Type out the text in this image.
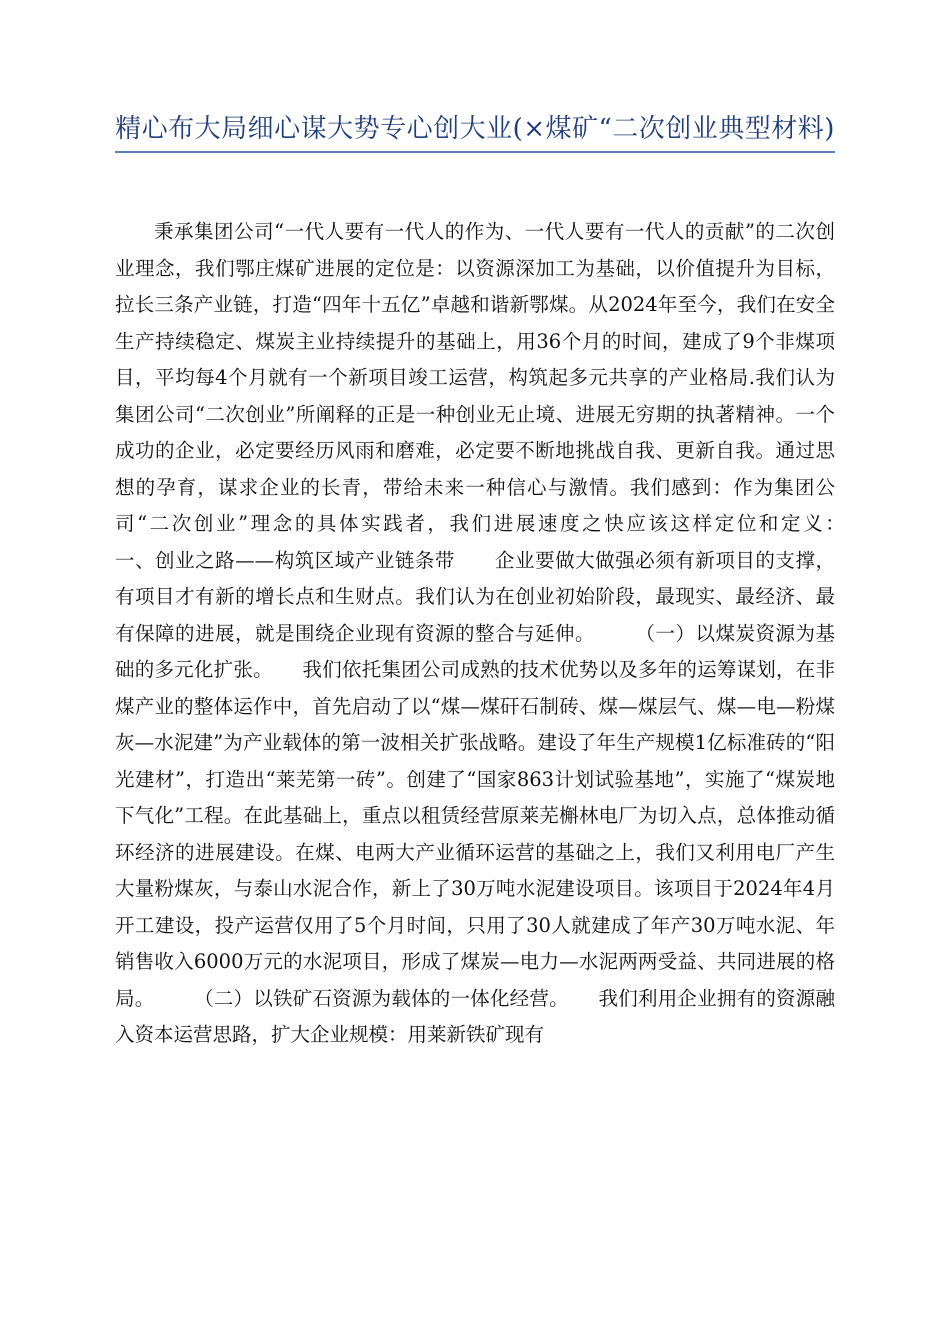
精心布大局细心谋大势专心创大业(×煤矿“二次创业典型材料)

秉承集团公司“一代人要有一代人的作为、一代人要有一代人的贡献”的二次创业理念，我们鄂庄煤矿进展的定位是：以资源深加工为基础，以价值提升为目标，拉长三条产业链，打造“四年十五亿”卓越和谐新鄂煤。从2024年至今，我们在安全生产持续稳定、煤炭主业持续提升的基础上，用36个月的时间，建成了9个非煤项目，平均每4个月就有一个新项目竣工运营，构筑起多元共享的产业格局.我们认为集团公司“二次创业”所阐释的正是一种创业无止境、进展无穷期的执著精神。一个成功的企业，必定要经历风雨和磨难，必定要不断地挑战自我、更新自我。通过思想的孕育，谋求企业的长青，带给未来一种信心与激情。我们感到：作为集团公司“二次创业”理念的具体实践者，我们进展速度之快应该这样定位和定义：　　　一、创业之路——构筑区域产业链条带　　企业要做大做强必须有新项目的支撑，有项目才有新的增长点和生财点。我们认为在创业初始阶段，最现实、最经济、最有保障的进展，就是围绕企业现有资源的整合与延伸。　　　（一）以煤炭资源为基础的多元化扩张。　　我们依托集团公司成熟的技术优势以及多年的运筹谋划，在非煤产业的整体运作中，首先启动了以“煤—煤矸石制砖、煤—煤层气、煤—电—粉煤灰—水泥建”为产业载体的第一波相关扩张战略。建设了年生产规模1亿标准砖的“阳光建材”，打造出“莱芜第一砖”。创建了“国家863计划试验基地”，实施了“煤炭地下气化”工程。在此基础上，重点以租赁经营原莱芜槲林电厂为切入点，总体推动循环经济的进展建设。在煤、电两大产业循环运营的基础之上，我们又利用电厂产生大量粉煤灰，与泰山水泥合作，新上了30万吨水泥建设项目。该项目于2024年4月开工建设，投产运营仅用了5个月时间，只用了30人就建成了年产30万吨水泥、年销售收入6000万元的水泥项目，形成了煤炭—电力—水泥两两受益、共同进展的格局。　　　（二）以铁矿石资源为载体的一体化经营。　　我们利用企业拥有的资源融入资本运营思路，扩大企业规模：用莱新铁矿现有
